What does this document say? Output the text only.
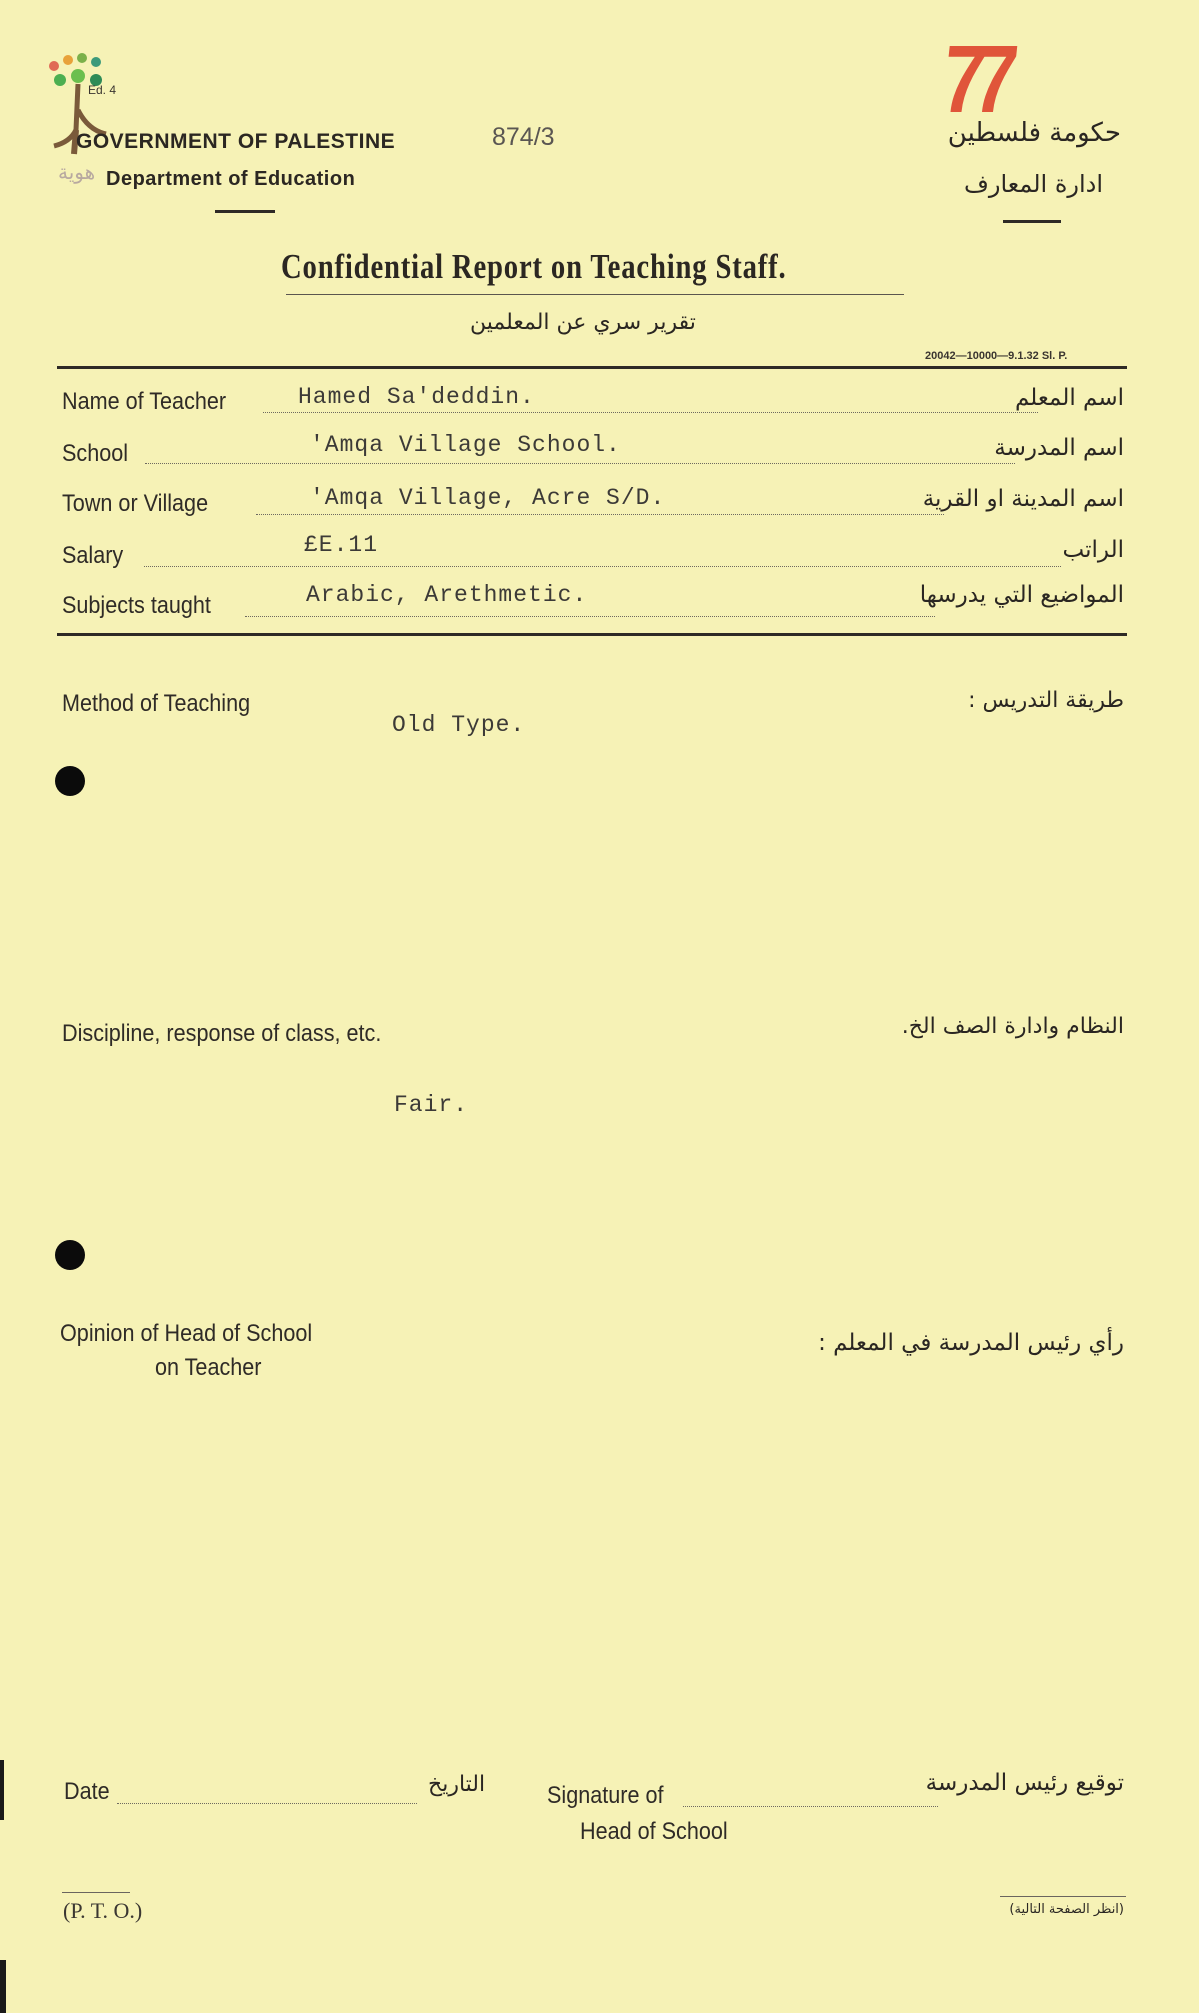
هوية
Ed. 4
GOVERNMENT OF PALESTINE
Department of Education
874/3
77
حكومة فلسطين
ادارة المعارف
Confidential Report on Teaching Staff.
تقرير سري عن المعلمين
20042—10000—9.1.32 Sl. P.
Name of Teacher	Hamed Sa'deddin.	اسم المعلم
School	'Amqa Village School.	اسم المدرسة
Town or Village	'Amqa Village, Acre S/D.	اسم المدينة او القرية
Salary	£E.11	الراتب
Subjects taught	Arabic, Arethmetic.	المواضيع التي يدرسها
Method of Teaching	طريقة التدريس :
Old Type.
Discipline, response of class, etc.	النظام وادارة الصف الخ.
Fair.
Opinion of Head of School
on Teacher
رأي رئيس المدرسة في المعلم :
Date	التاريخ	Signature of	توقيع رئيس المدرسة
Head of School
(P. T. O.)	(انظر الصفحة التالية)
